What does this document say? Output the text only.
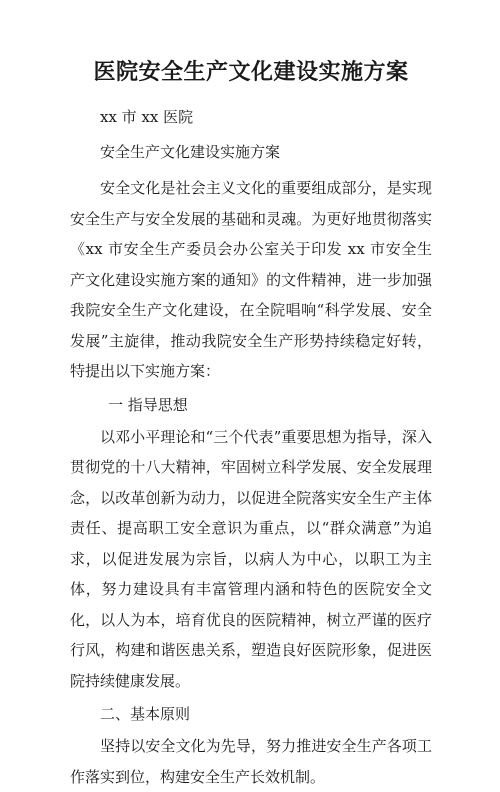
医院安全生产文化建设实施方案

xx 市 xx 医院

安全生产文化建设实施方案

安全文化是社会主义文化的重要组成部分，是实现安全生产与安全发展的基础和灵魂。为更好地贯彻落实《xx 市安全生产委员会办公室关于印发 xx 市安全生产文化建设实施方案的通知》的文件精神，进一步加强我院安全生产文化建设，在全院唱响“科学发展、安全发展”主旋律，推动我院安全生产形势持续稳定好转，特提出以下实施方案：

一 指导思想

以邓小平理论和“三个代表”重要思想为指导，深入贯彻党的十八大精神，牢固树立科学发展、安全发展理念，以改革创新为动力，以促进全院落实安全生产主体责任、提高职工安全意识为重点，以“群众满意”为追求，以促进发展为宗旨，以病人为中心，以职工为主体，努力建设具有丰富管理内涵和特色的医院安全文化，以人为本，培育优良的医院精神，树立严谨的医疗行风，构建和谐医患关系，塑造良好医院形象，促进医院持续健康发展。

二、基本原则

坚持以安全文化为先导，努力推进安全生产各项工作落实到位，构建安全生产长效机制。
